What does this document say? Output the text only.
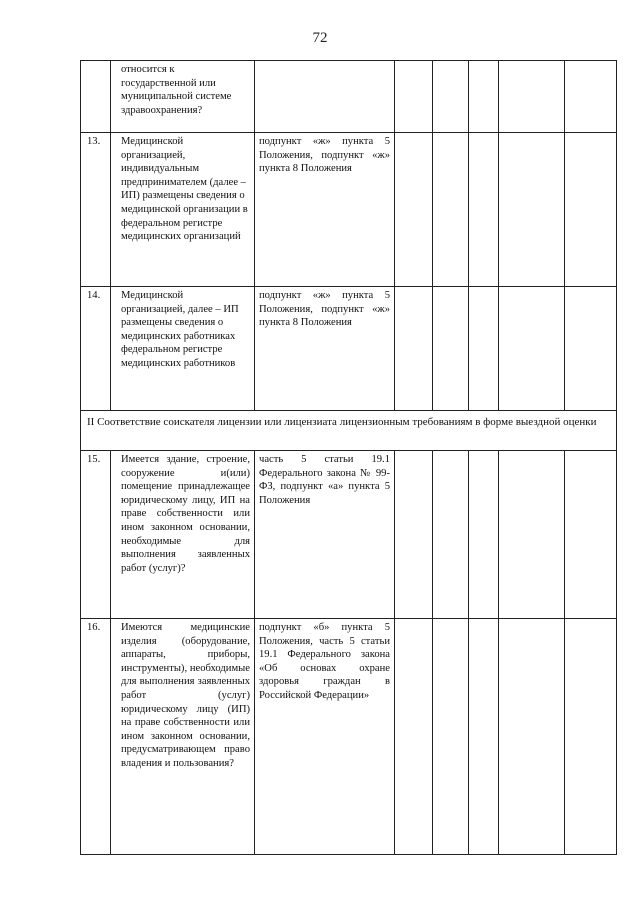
72
	относится к государственной или муниципальной системе здравоохранения?						
13.	Медицинской организацией, индивидуальным предпринимателем (далее – ИП) размещены сведения о медицинской организации в федеральном регистре медицинских организаций	подпункт «ж» пункта 5 Положения, подпункт «ж» пункта 8 Положения					
14.	Медицинской организацией, далее – ИП размещены сведения о медицинских работниках федеральном регистре медицинских работников	подпункт «ж» пункта 5 Положения, подпункт «ж» пункта 8 Положения					
II Соответствие соискателя лицензии или лицензиата лицензионным требованиям в форме выездной оценки							
15.	Имеется здание, строение, сооружение и(или) помещение принадлежащее юридическому лицу, ИП на праве собственности или ином законном основании, необходимые для выполнения заявленных работ (услуг)?	часть 5 статьи 19.1 Федерального закона № 99-ФЗ, подпункт «а» пункта 5 Положения					
16.	Имеются медицинские изделия (оборудование, аппараты, приборы, инструменты), необходимые для выполнения заявленных работ (услуг) юридическому лицу (ИП) на праве собственности или ином законном основании, предусматривающем право владения и пользования?	подпункт «б» пункта 5 Положения, часть 5 статьи 19.1 Федерального закона «Об основах охране здоровья граждан в Российской Федерации»					
